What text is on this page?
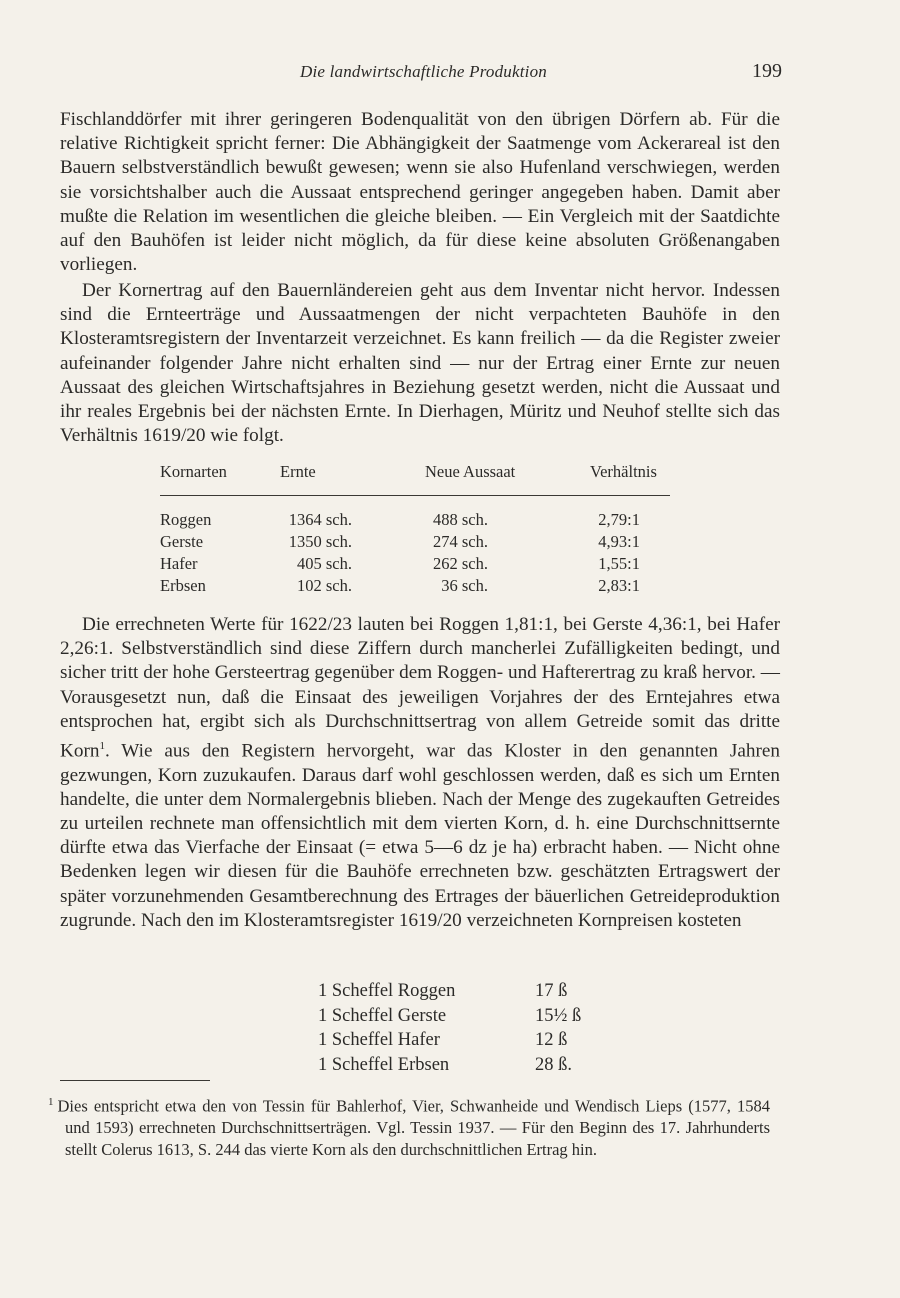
Die landwirtschaftliche Produktion	199

Fischlanddörfer mit ihrer geringeren Bodenqualität von den übrigen Dörfern ab. Für die relative Richtigkeit spricht ferner: Die Abhängigkeit der Saatmenge vom Ackerareal ist den Bauern selbstverständlich bewußt gewesen; wenn sie also Hufenland verschwiegen, werden sie vorsichtshalber auch die Aussaat entsprechend geringer angegeben haben. Damit aber mußte die Relation im wesentlichen die gleiche bleiben. — Ein Vergleich mit der Saatdichte auf den Bauhöfen ist leider nicht möglich, da für diese keine absoluten Größenangaben vorliegen.

Der Kornertrag auf den Bauernländereien geht aus dem Inventar nicht hervor. Indessen sind die Ernteerträge und Aussaatmengen der nicht verpachteten Bauhöfe in den Klosteramtsregistern der Inventarzeit verzeichnet. Es kann freilich — da die Register zweier aufeinander folgender Jahre nicht erhalten sind — nur der Ertrag einer Ernte zur neuen Aussaat des gleichen Wirtschaftsjahres in Beziehung gesetzt werden, nicht die Aussaat und ihr reales Ergebnis bei der nächsten Ernte. In Dierhagen, Müritz und Neuhof stellte sich das Verhältnis 1619/20 wie folgt.

Kornarten	Ernte	Neue Aussaat	Verhältnis
Roggen	1364 sch.	488 sch.	2,79:1
Gerste	1350 sch.	274 sch.	4,93:1
Hafer	405 sch.	262 sch.	1,55:1
Erbsen	102 sch.	36 sch.	2,83:1

Die errechneten Werte für 1622/23 lauten bei Roggen 1,81:1, bei Gerste 4,36:1, bei Hafer 2,26:1. Selbstverständlich sind diese Ziffern durch mancherlei Zufälligkeiten bedingt, und sicher tritt der hohe Gersteertrag gegenüber dem Roggen- und Hafterertrag zu kraß hervor. — Vorausgesetzt nun, daß die Einsaat des jeweiligen Vorjahres der des Erntejahres etwa entsprochen hat, ergibt sich als Durchschnittsertrag von allem Getreide somit das dritte Korn$^1$. Wie aus den Registern hervorgeht, war das Kloster in den genannten Jahren gezwungen, Korn zuzukaufen. Daraus darf wohl geschlossen werden, daß es sich um Ernten handelte, die unter dem Normalergebnis blieben. Nach der Menge des zugekauften Getreides zu urteilen rechnete man offensichtlich mit dem vierten Korn, d. h. eine Durchschnittsernte dürfte etwa das Vierfache der Einsaat (= etwa 5—6 dz je ha) erbracht haben. — Nicht ohne Bedenken legen wir diesen für die Bauhöfe errechneten bzw. geschätzten Ertragswert der später vorzunehmenden Gesamtberechnung des Ertrages der bäuerlichen Getreideproduktion zugrunde. Nach den im Klosteramtsregister 1619/20 verzeichneten Kornpreisen kosteten

1 Scheffel Roggen	17 ß
1 Scheffel Gerste	15½ ß
1 Scheffel Hafer	12 ß
1 Scheffel Erbsen	28 ß.

$^1$ Dies entspricht etwa den von Tessin für Bahlerhof, Vier, Schwanheide und Wendisch Lieps (1577, 1584 und 1593) errechneten Durchschnittserträgen. Vgl. Tessin 1937. — Für den Beginn des 17. Jahrhunderts stellt Colerus 1613, S. 244 das vierte Korn als den durchschnittlichen Ertrag hin.
